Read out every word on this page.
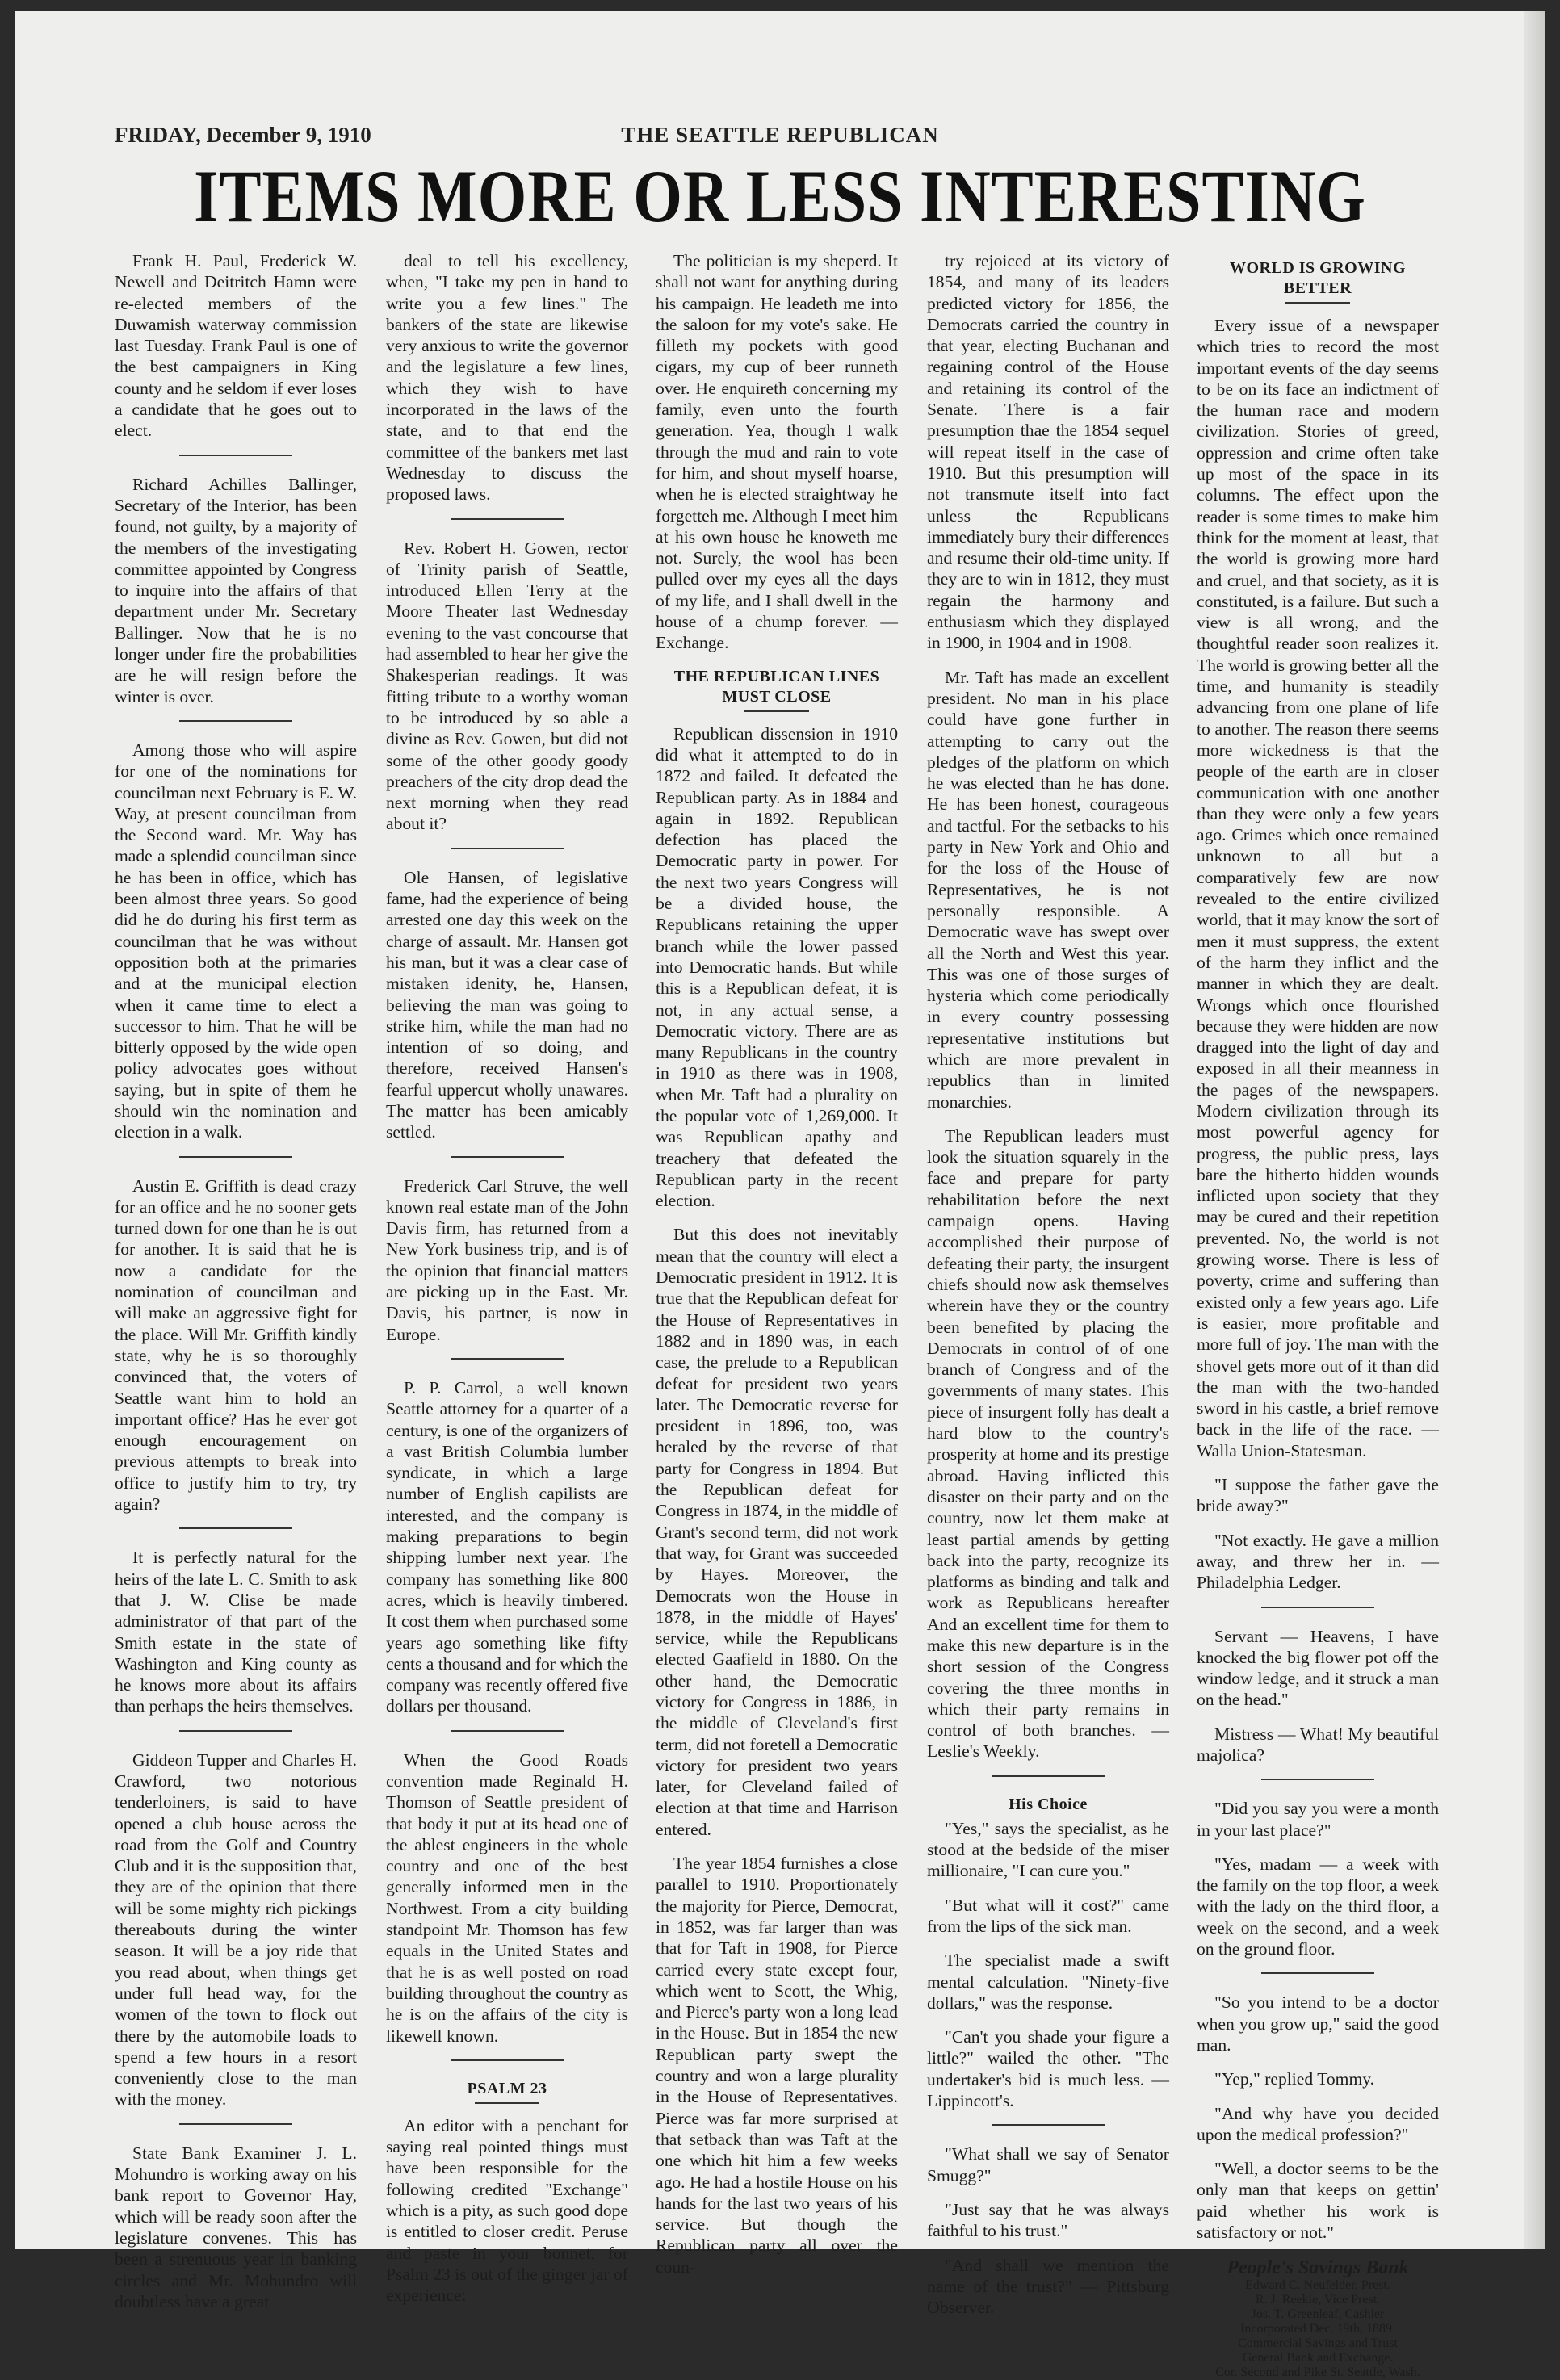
FRIDAY, December 9, 1910	THE SEATTLE REPUBLICAN
ITEMS MORE OR LESS INTERESTING

Frank H. Paul, Frederick W. Newell and Deitritch Hamn were re-elected members of the Duwamish waterway commission last Tuesday. Frank Paul is one of the best campaigners in King county and he seldom if ever loses a candidate that he goes out to elect.

Richard Achilles Ballinger, Secretary of the Interior, has been found, not guilty, by a majority of the members of the investigating committee appointed by Congress to inquire into the affairs of that department under Mr. Secretary Ballinger. Now that he is no longer under fire the probabilities are he will resign before the winter is over.

Among those who will aspire for one of the nominations for councilman next February is E. W. Way, at present councilman from the Second ward. Mr. Way has made a splendid councilman since he has been in office, which has been almost three years. So good did he do during his first term as councilman that he was without opposition both at the primaries and at the municipal election when it came time to elect a successor to him. That he will be bitterly opposed by the wide open policy advocates goes without saying, but in spite of them he should win the nomination and election in a walk.

Austin E. Griffith is dead crazy for an office and he no sooner gets turned down for one than he is out for another. It is said that he is now a candidate for the nomination of councilman and will make an aggressive fight for the place. Will Mr. Griffith kindly state, why he is so thoroughly convinced that, the voters of Seattle want him to hold an important office? Has he ever got enough encouragement on previous attempts to break into office to justify him to try, try again?

It is perfectly natural for the heirs of the late L. C. Smith to ask that J. W. Clise be made administrator of that part of the Smith estate in the state of Washington and King county as he knows more about its affairs than perhaps the heirs themselves.

Giddeon Tupper and Charles H. Crawford, two notorious tenderloiners, is said to have opened a club house across the road from the Golf and Country Club and it is the supposition that, they are of the opinion that there will be some mighty rich pickings thereabouts during the winter season. It will be a joy ride that you read about, when things get under full head way, for the women of the town to flock out there by the automobile loads to spend a few hours in a resort conveniently close to the man with the money.

State Bank Examiner J. L. Mohundro is working away on his bank report to Governor Hay, which will be ready soon after the legislature convenes. This has been a strenuous year in banking circles and Mr. Mohundro will doubtless have a great

deal to tell his excellency, when, "I take my pen in hand to write you a few lines." The bankers of the state are likewise very anxious to write the governor and the legislature a few lines, which they wish to have incorporated in the laws of the state, and to that end the committee of the bankers met last Wednesday to discuss the proposed laws.

Rev. Robert H. Gowen, rector of Trinity parish of Seattle, introduced Ellen Terry at the Moore Theater last Wednesday evening to the vast concourse that had assembled to hear her give the Shakesperian readings. It was fitting tribute to a worthy woman to be introduced by so able a divine as Rev. Gowen, but did not some of the other goody goody preachers of the city drop dead the next morning when they read about it?

Ole Hansen, of legislative fame, had the experience of being arrested one day this week on the charge of assault. Mr. Hansen got his man, but it was a clear case of mistaken idenity, he, Hansen, believing the man was going to strike him, while the man had no intention of so doing, and therefore, received Hansen's fearful uppercut wholly unawares. The matter has been amicably settled.

Frederick Carl Struve, the well known real estate man of the John Davis firm, has returned from a New York business trip, and is of the opinion that financial matters are picking up in the East. Mr. Davis, his partner, is now in Europe.

P. P. Carrol, a well known Seattle attorney for a quarter of a century, is one of the organizers of a vast British Columbia lumber syndicate, in which a large number of English capilists are interested, and the company is making preparations to begin shipping lumber next year. The company has something like 800 acres, which is heavily timbered. It cost them when purchased some years ago something like fifty cents a thousand and for which the company was recently offered five dollars per thousand.

When the Good Roads convention made Reginald H. Thomson of Seattle president of that body it put at its head one of the ablest engineers in the whole country and one of the best generally informed men in the Northwest. From a city building standpoint Mr. Thomson has few equals in the United States and that he is as well posted on road building throughout the country as he is on the affairs of the city is likewell known.

PSALM 23

An editor with a penchant for saying real pointed things must have been responsible for the following credited "Exchange" which is a pity, as such good dope is entitled to closer credit. Peruse and paste in your bonnet, for Psalm 23 is out of the ginger jar of experience:

The politician is my sheperd. It shall not want for anything during his campaign. He leadeth me into the saloon for my vote's sake. He filleth my pockets with good cigars, my cup of beer runneth over. He enquireth concerning my family, even unto the fourth generation. Yea, though I walk through the mud and rain to vote for him, and shout myself hoarse, when he is elected straightway he forgetteh me. Although I meet him at his own house he knoweth me not. Surely, the wool has been pulled over my eyes all the days of my life, and I shall dwell in the house of a chump forever. — Exchange.

THE REPUBLICAN LINES MUST CLOSE

Republican dissension in 1910 did what it attempted to do in 1872 and failed. It defeated the Republican party. As in 1884 and again in 1892. Republican defection has placed the Democratic party in power. For the next two years Congress will be a divided house, the Republicans retaining the upper branch while the lower passed into Democratic hands. But while this is a Republican defeat, it is not, in any actual sense, a Democratic victory. There are as many Republicans in the country in 1910 as there was in 1908, when Mr. Taft had a plurality on the popular vote of 1,269,000. It was Republican apathy and treachery that defeated the Republican party in the recent election.

But this does not inevitably mean that the country will elect a Democratic president in 1912. It is true that the Republican defeat for the House of Representatives in 1882 and in 1890 was, in each case, the prelude to a Republican defeat for president two years later. The Democratic reverse for president in 1896, too, was heraled by the reverse of that party for Congress in 1894. But the Republican defeat for Congress in 1874, in the middle of Grant's second term, did not work that way, for Grant was succeeded by Hayes. Moreover, the Democrats won the House in 1878, in the middle of Hayes' service, while the Republicans elected Gaafield in 1880. On the other hand, the Democratic victory for Congress in 1886, in the middle of Cleveland's first term, did not foretell a Democratic victory for president two years later, for Cleveland failed of election at that time and Harrison entered.

The year 1854 furnishes a close parallel to 1910. Proportionately the majority for Pierce, Democrat, in 1852, was far larger than was that for Taft in 1908, for Pierce carried every state except four, which went to Scott, the Whig, and Pierce's party won a long lead in the House. But in 1854 the new Republican party swept the country and won a large plurality in the House of Representatives. Pierce was far more surprised at that setback than was Taft at the one which hit him a few weeks ago. He had a hostile House on his hands for the last two years of his service. But though the Republican party all over the coun-

try rejoiced at its victory of 1854, and many of its leaders predicted victory for 1856, the Democrats carried the country in that year, electing Buchanan and regaining control of the House and retaining its control of the Senate. There is a fair presumption thae the 1854 sequel will repeat itself in the case of 1910. But this presumption will not transmute itself into fact unless the Republicans immediately bury their differences and resume their old-time unity. If they are to win in 1812, they must regain the harmony and enthusiasm which they displayed in 1900, in 1904 and in 1908.

Mr. Taft has made an excellent president. No man in his place could have gone further in attempting to carry out the pledges of the platform on which he was elected than he has done. He has been honest, courageous and tactful. For the setbacks to his party in New York and Ohio and for the loss of the House of Representatives, he is not personally responsible. A Democratic wave has swept over all the North and West this year. This was one of those surges of hysteria which come periodically in every country possessing representative institutions but which are more prevalent in republics than in limited monarchies.

The Republican leaders must look the situation squarely in the face and prepare for party rehabilitation before the next campaign opens. Having accomplished their purpose of defeating their party, the insurgent chiefs should now ask themselves wherein have they or the country been benefited by placing the Democrats in control of of one branch of Congress and of the governments of many states. This piece of insurgent folly has dealt a hard blow to the country's prosperity at home and its prestige abroad. Having inflicted this disaster on their party and on the country, now let them make at least partial amends by getting back into the party, recognize its platforms as binding and talk and work as Republicans hereafter And an excellent time for them to make this new departure is in the short session of the Congress covering the three months in which their party remains in control of both branches. — Leslie's Weekly.

His Choice

"Yes," says the specialist, as he stood at the bedside of the miser millionaire, "I can cure you."

"But what will it cost?" came from the lips of the sick man.

The specialist made a swift mental calculation. "Ninety-five dollars," was the response.

"Can't you shade your figure a little?" wailed the other. "The undertaker's bid is much less. — Lippincott's.

"What shall we say of Senator Smugg?"

"Just say that he was always faithful to his trust."

"And shall we mention the name of the trust?" — Pittsburg Observer.

WORLD IS GROWING BETTER

Every issue of a newspaper which tries to record the most important events of the day seems to be on its face an indictment of the human race and modern civilization. Stories of greed, oppression and crime often take up most of the space in its columns. The effect upon the reader is some times to make him think for the moment at least, that the world is growing more hard and cruel, and that society, as it is constituted, is a failure. But such a view is all wrong, and the thoughtful reader soon realizes it. The world is growing better all the time, and humanity is steadily advancing from one plane of life to another. The reason there seems more wickedness is that the people of the earth are in closer communication with one another than they were only a few years ago. Crimes which once remained unknown to all but a comparatively few are now revealed to the entire civilized world, that it may know the sort of men it must suppress, the extent of the harm they inflict and the manner in which they are dealt. Wrongs which once flourished because they were hidden are now dragged into the light of day and exposed in all their meanness in the pages of the newspapers. Modern civilization through its most powerful agency for progress, the public press, lays bare the hitherto hidden wounds inflicted upon society that they may be cured and their repetition prevented. No, the world is not growing worse. There is less of poverty, crime and suffering than existed only a few years ago. Life is easier, more profitable and more full of joy. The man with the shovel gets more out of it than did the man with the two-handed sword in his castle, a brief remove back in the life of the race. — Walla Union-Statesman.

"I suppose the father gave the bride away?"

"Not exactly. He gave a million away, and threw her in. — Philadelphia Ledger.

Servant — Heavens, I have knocked the big flower pot off the window ledge, and it struck a man on the head."

Mistress — What! My beautiful majolica?

"Did you say you were a month in your last place?"

"Yes, madam — a week with the family on the top floor, a week with the lady on the third floor, a week on the second, and a week on the ground floor.

"So you intend to be a doctor when you grow up," said the good man.

"Yep," replied Tommy.

"And why have you decided upon the medical profession?"

"Well, a doctor seems to be the only man that keeps on gettin' paid whether his work is satisfactory or not."

People's Savings Bank
Edward C. Neufelder, Prest.
R. J. Reekie, Vice Prest.
Jos. T. Greenleaf, Cashier
Incorporated Dec. 19th, 1889.
Commercial Savings and Trust
General Bank and Exchange.
Cor. Second and Pike St. Seattle, Wash.
